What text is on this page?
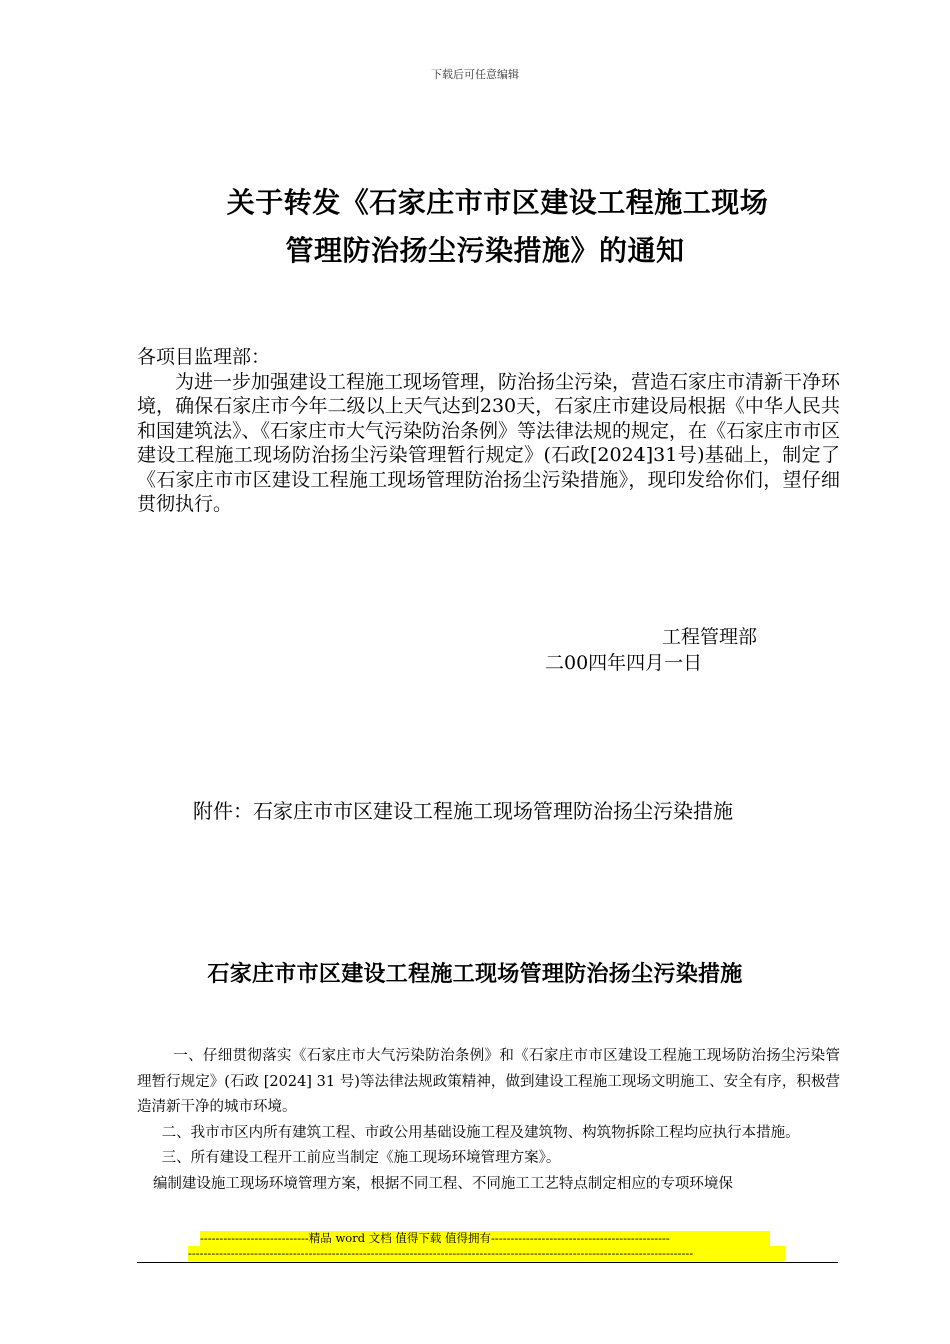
下载后可任意编辑
关于转发《石家庄市市区建设工程施工现场
管理防治扬尘污染措施》的通知

各项目监理部：

为进一步加强建设工程施工现场管理，防治扬尘污染，营造石家庄市清新干净环境，确保石家庄市今年二级以上天气达到230天，石家庄市建设局根据《中华人民共和国建筑法》、《石家庄市大气污染防治条例》等法律法规的规定，在《石家庄市市区建设工程施工现场防治扬尘污染管理暂行规定》(石政[2024]31号)基础上，制定了《石家庄市市区建设工程施工现场管理防治扬尘污染措施》，现印发给你们，望仔细贯彻执行。

工程管理部
二00四年四月一日
附件：石家庄市市区建设工程施工现场管理防治扬尘污染措施
石家庄市市区建设工程施工现场管理防治扬尘污染措施

一、仔细贯彻落实《石家庄市大气污染防治条例》和《石家庄市市区建设工程施工现场防治扬尘污染管理暂行规定》(石政 [2024] 31 号)等法律法规政策精神，做到建设工程施工现场文明施工、安全有序，积极营造清新干净的城市环境。

二、我市市区内所有建筑工程、市政公用基础设施工程及建筑物、构筑物拆除工程均应执行本措施。

三、所有建设工程开工前应当制定《施工现场环境管理方案》。

编制建设施工现场环境管理方案，根据不同工程、不同施工工艺特点制定相应的专项环境保

----------------------------精品 word 文档 值得下载 值得拥有----------------------------------------------
----------------------------------------------------------------------------------------------------------------------------------
